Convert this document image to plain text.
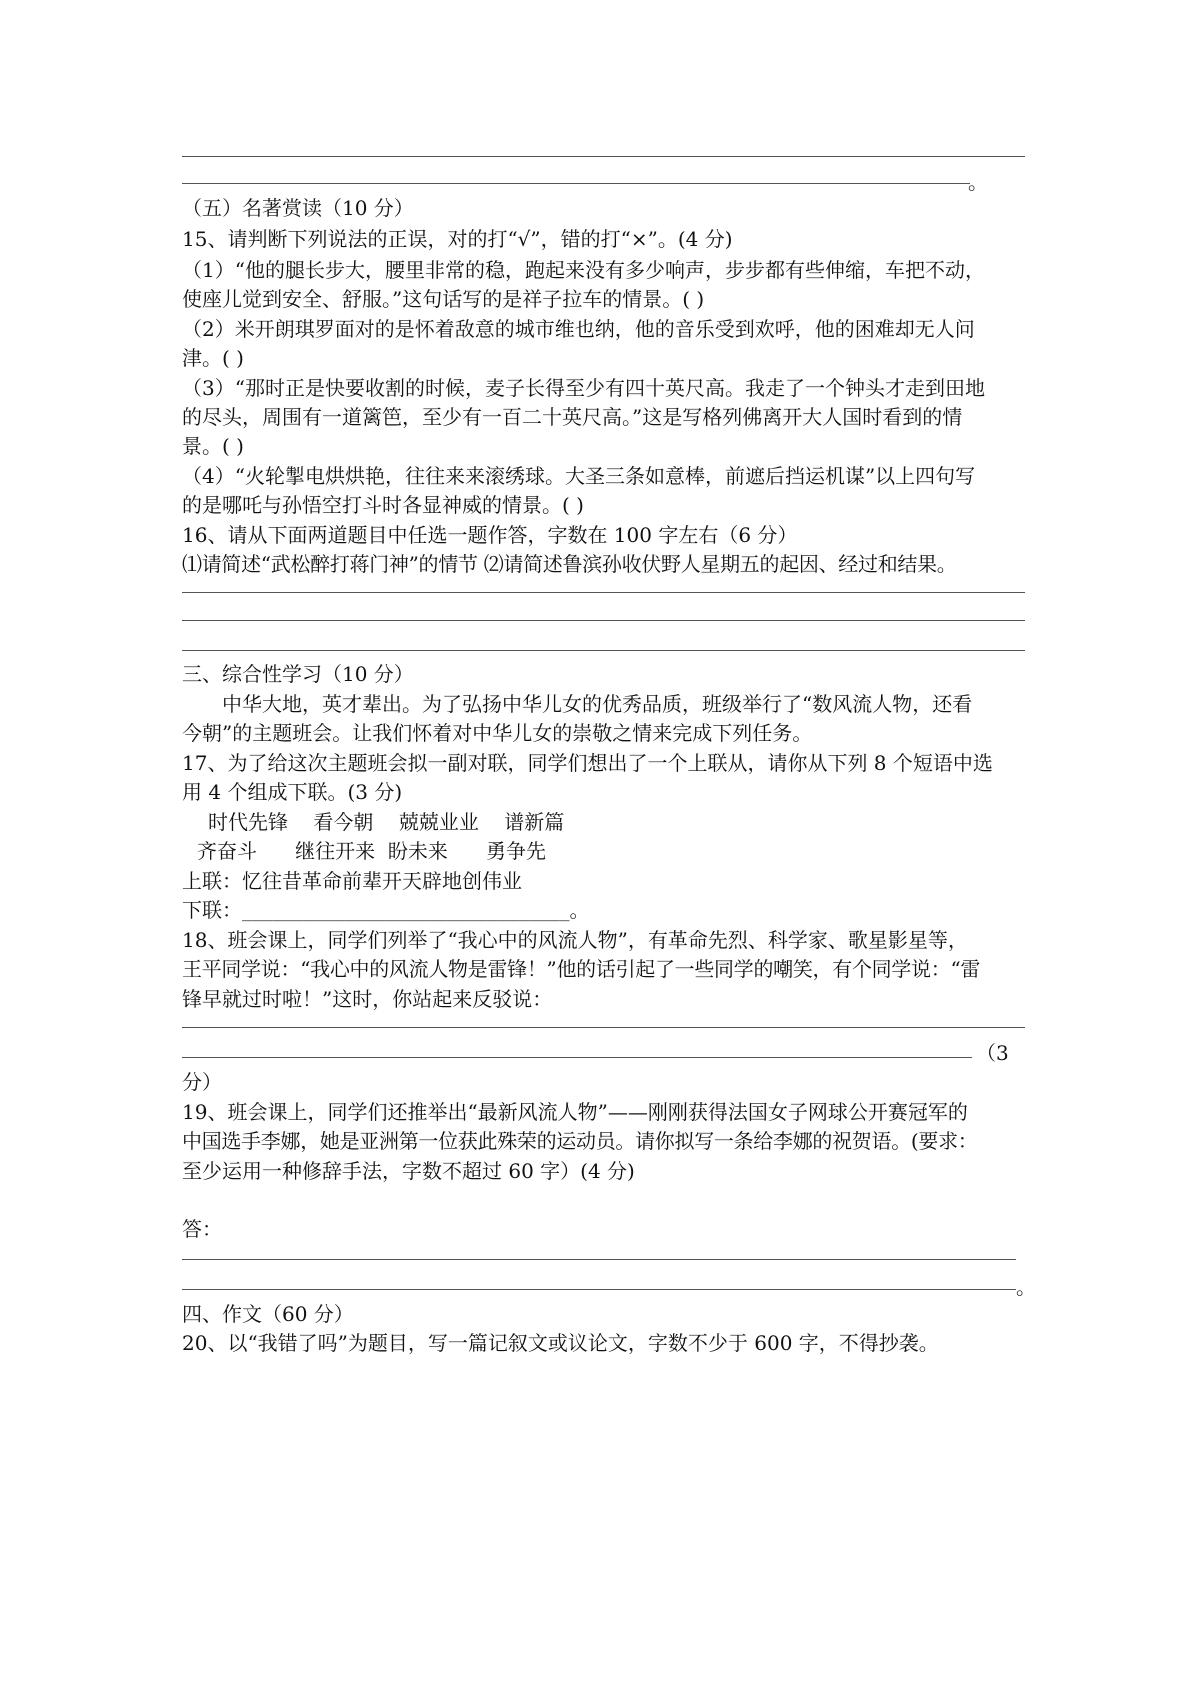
。
（五）名著赏读（10 分）
15、请判断下列说法的正误，对的打“√”，错的打“×”。(4 分)
（1）“他的腿长步大，腰里非常的稳，跑起来没有多少响声，步步都有些伸缩，车把不动，
使座儿觉到安全、舒服。”这句话写的是祥子拉车的情景。( )
（2）米开朗琪罗面对的是怀着敌意的城市维也纳，他的音乐受到欢呼，他的困难却无人问
津。( )
（3）“那时正是快要收割的时候，麦子长得至少有四十英尺高。我走了一个钟头才走到田地
的尽头，周围有一道篱笆，至少有一百二十英尺高。”这是写格列佛离开大人国时看到的情
景。( )
（4）“火轮掣电烘烘艳，往往来来滚绣球。大圣三条如意棒，前遮后挡运机谋”以上四句写
的是哪吒与孙悟空打斗时各显神威的情景。( )
16、请从下面两道题目中任选一题作答，字数在 100 字左右（6 分）
⑴请简述“武松醉打蒋门神”的情节 ⑵请简述鲁滨孙收伏野人星期五的起因、经过和结果。
三、综合性学习（10 分）
中华大地，英才辈出。为了弘扬中华儿女的优秀品质，班级举行了“数风流人物，还看
今朝”的主题班会。让我们怀着对中华儿女的崇敬之情来完成下列任务。
17、为了给这次主题班会拟一副对联，同学们想出了一个上联从，请你从下列 8 个短语中选
用 4 个组成下联。(3 分)
时代先锋    看今朝    兢兢业业    谱新篇
齐奋斗      继往开来  盼未来      勇争先
上联：忆往昔革命前辈开天辟地创伟业
下联：________________________________。
18、班会课上，同学们列举了“我心中的风流人物”，有革命先烈、科学家、歌星影星等，
王平同学说：“我心中的风流人物是雷锋！”他的话引起了一些同学的嘲笑，有个同学说：“雷
锋早就过时啦！”这时，你站起来反驳说：
（3
分）
19、班会课上，同学们还推举出“最新风流人物”——刚刚获得法国女子网球公开赛冠军的
中国选手李娜，她是亚洲第一位获此殊荣的运动员。请你拟写一条给李娜的祝贺语。(要求：
至少运用一种修辞手法，字数不超过 60 字）(4 分)
答：
。
四、作文（60 分）
20、以“我错了吗”为题目，写一篇记叙文或议论文，字数不少于 600 字，不得抄袭。
